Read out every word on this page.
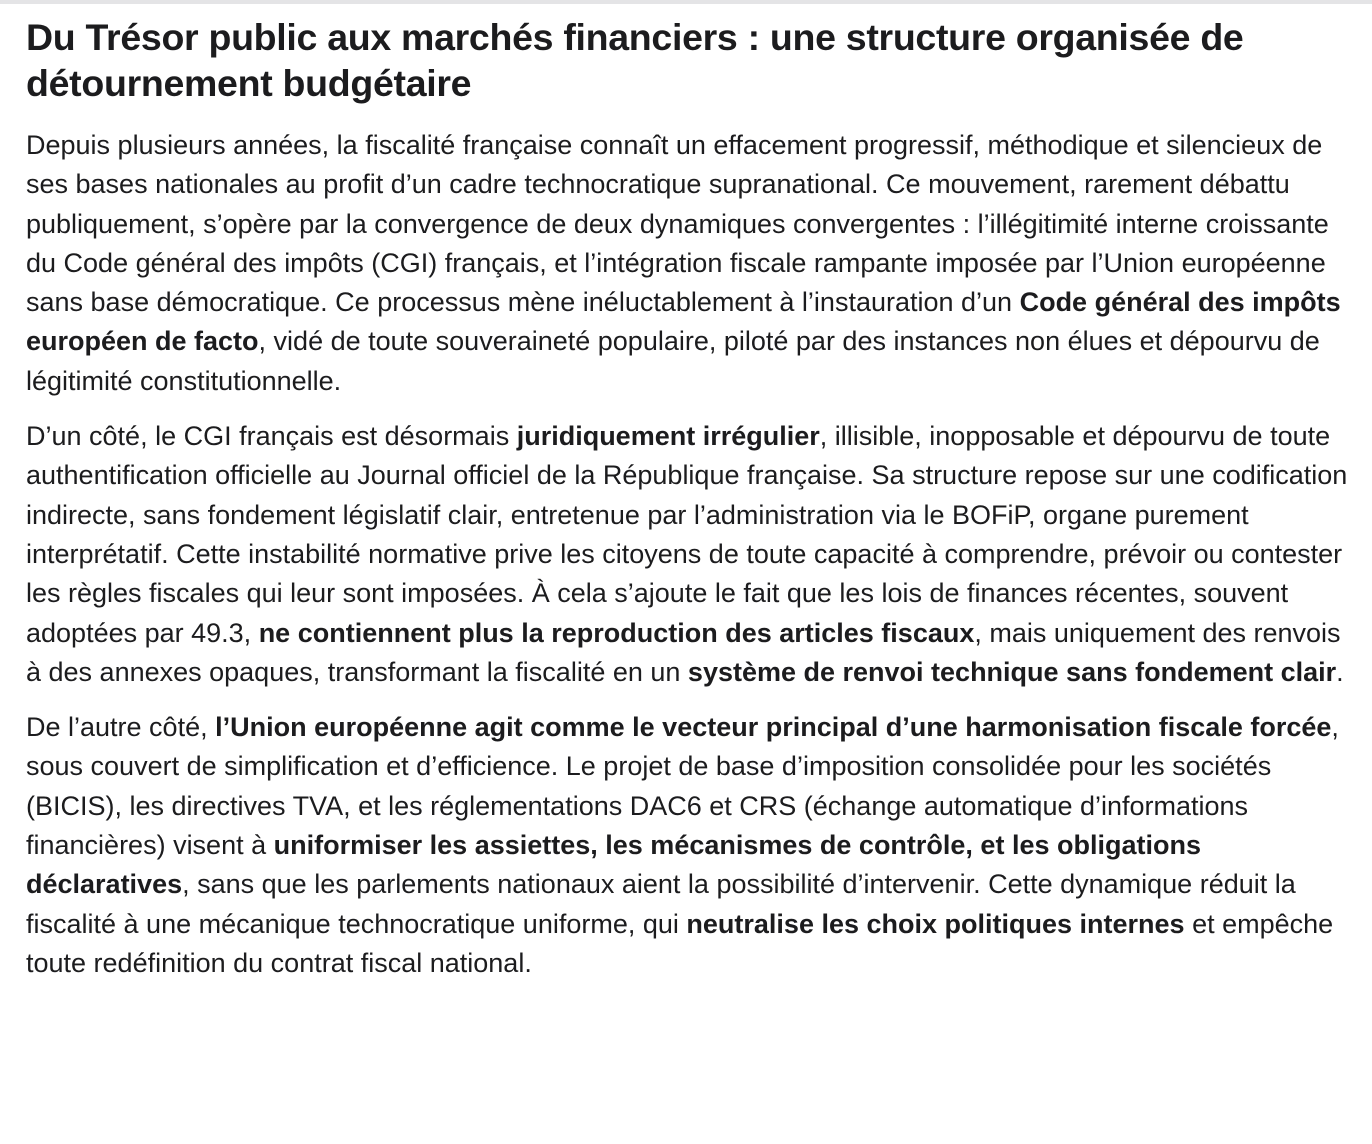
Du Trésor public aux marchés financiers : une structure organisée de détournement budgétaire

Depuis plusieurs années, la fiscalité française connaît un effacement progressif, méthodique et silencieux de ses bases nationales au profit d’un cadre technocratique supranational. Ce mouvement, rarement débattu publiquement, s’opère par la convergence de deux dynamiques convergentes : l’illégitimité interne croissante du Code général des impôts (CGI) français, et l’intégration fiscale rampante imposée par l’Union européenne sans base démocratique. Ce processus mène inéluctablement à l’instauration d’un Code général des impôts européen de facto, vidé de toute souveraineté populaire, piloté par des instances non élues et dépourvu de légitimité constitutionnelle.

D’un côté, le CGI français est désormais juridiquement irrégulier, illisible, inopposable et dépourvu de toute authentification officielle au Journal officiel de la République française. Sa structure repose sur une codification indirecte, sans fondement législatif clair, entretenue par l’administration via le BOFiP, organe purement interprétatif. Cette instabilité normative prive les citoyens de toute capacité à comprendre, prévoir ou contester les règles fiscales qui leur sont imposées. À cela s’ajoute le fait que les lois de finances récentes, souvent adoptées par 49.3, ne contiennent plus la reproduction des articles fiscaux, mais uniquement des renvois à des annexes opaques, transformant la fiscalité en un système de renvoi technique sans fondement clair.

De l’autre côté, l’Union européenne agit comme le vecteur principal d’une harmonisation fiscale forcée, sous couvert de simplification et d’efficience. Le projet de base d’imposition consolidée pour les sociétés (BICIS), les directives TVA, et les réglementations DAC6 et CRS (échange automatique d’informations financières) visent à uniformiser les assiettes, les mécanismes de contrôle, et les obligations déclaratives, sans que les parlements nationaux aient la possibilité d’intervenir. Cette dynamique réduit la fiscalité à une mécanique technocratique uniforme, qui neutralise les choix politiques internes et empêche toute redéfinition du contrat fiscal national.
